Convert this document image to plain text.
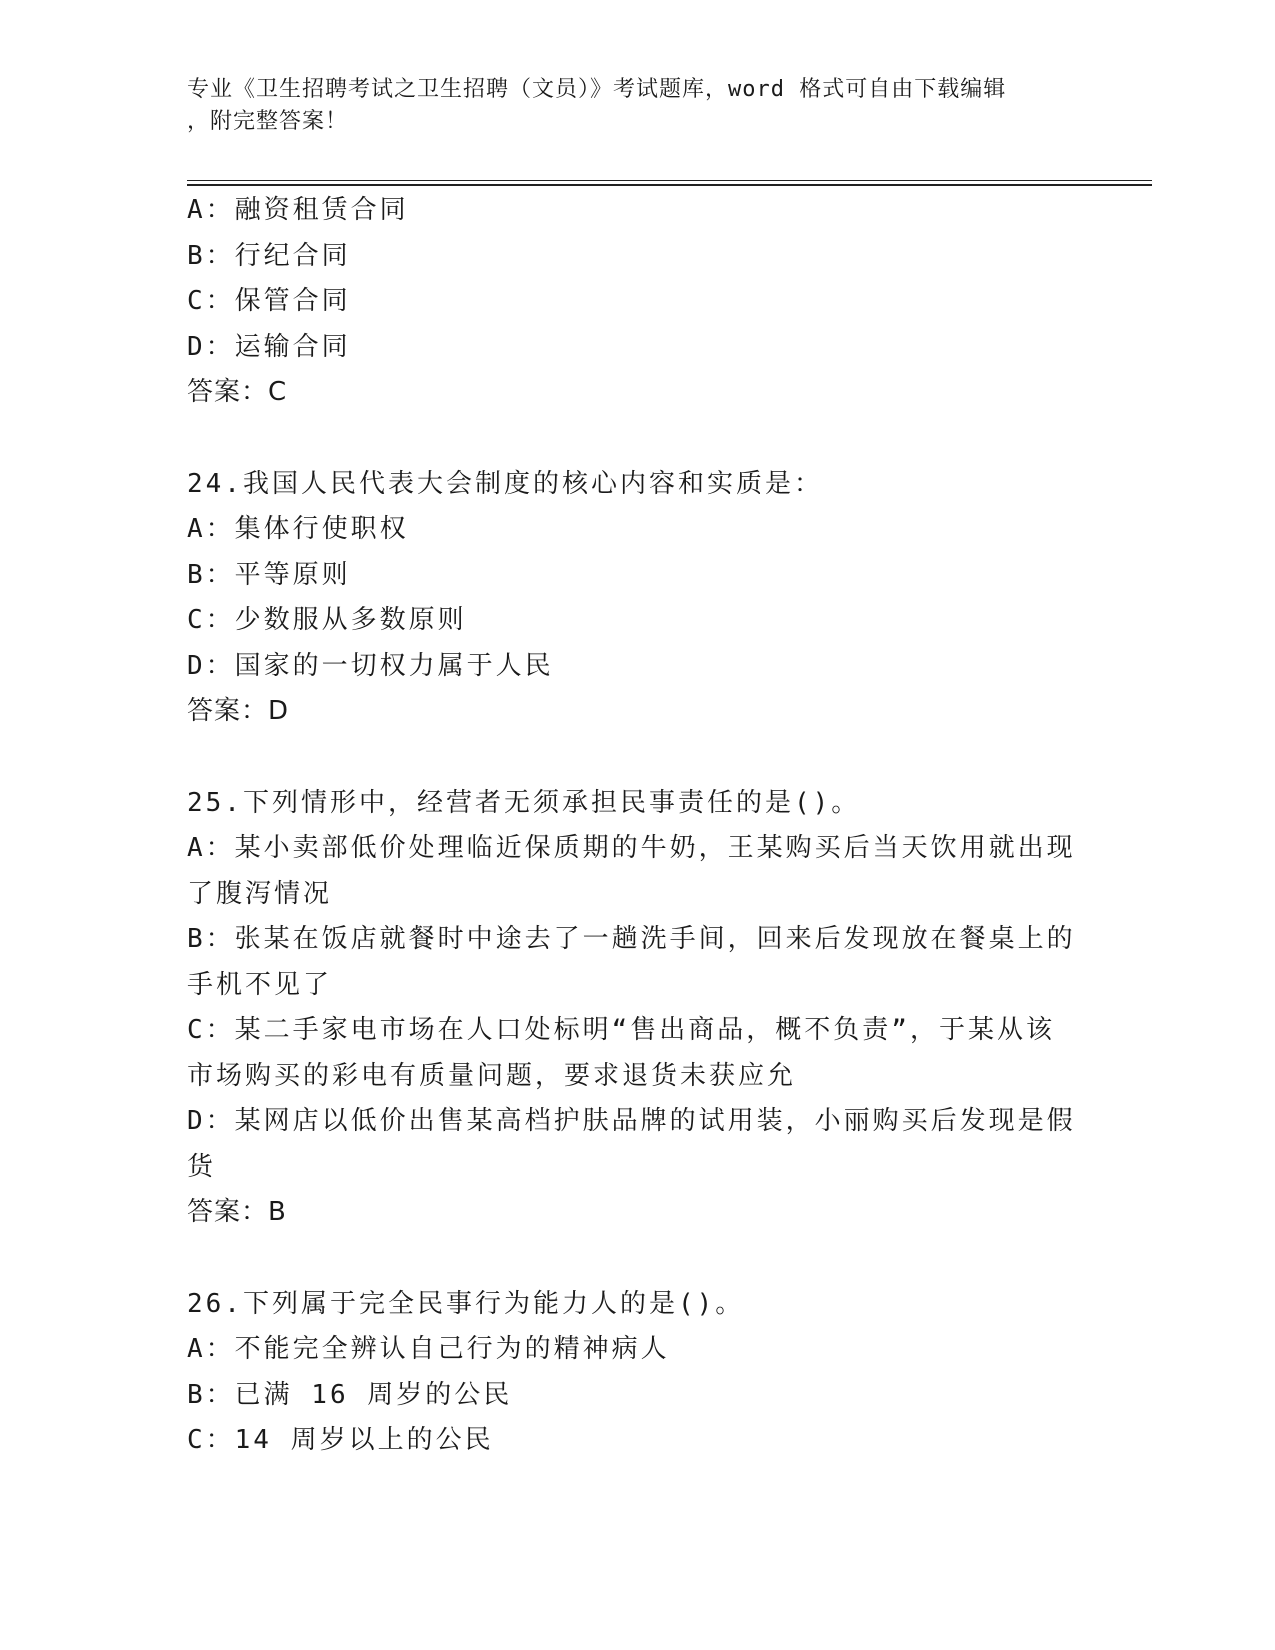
专业《卫生招聘考试之卫生招聘（文员）》考试题库，word 格式可自由下载编辑
，附完整答案！
A：融资租赁合同
B：行纪合同
C：保管合同
D：运输合同
答案：C
24.我国人民代表大会制度的核心内容和实质是：
A：集体行使职权
B：平等原则
C：少数服从多数原则
D：国家的一切权力属于人民
答案：D
25.下列情形中，经营者无须承担民事责任的是()。
A：某小卖部低价处理临近保质期的牛奶，王某购买后当天饮用就出现
了腹泻情况
B：张某在饭店就餐时中途去了一趟洗手间，回来后发现放在餐桌上的
手机不见了
C：某二手家电市场在人口处标明“售出商品，概不负责”，于某从该
市场购买的彩电有质量问题，要求退货未获应允
D：某网店以低价出售某高档护肤品牌的试用装，小丽购买后发现是假
货
答案：B
26.下列属于完全民事行为能力人的是()。
A：不能完全辨认自己行为的精神病人
B：已满 16 周岁的公民
C：14 周岁以上的公民
